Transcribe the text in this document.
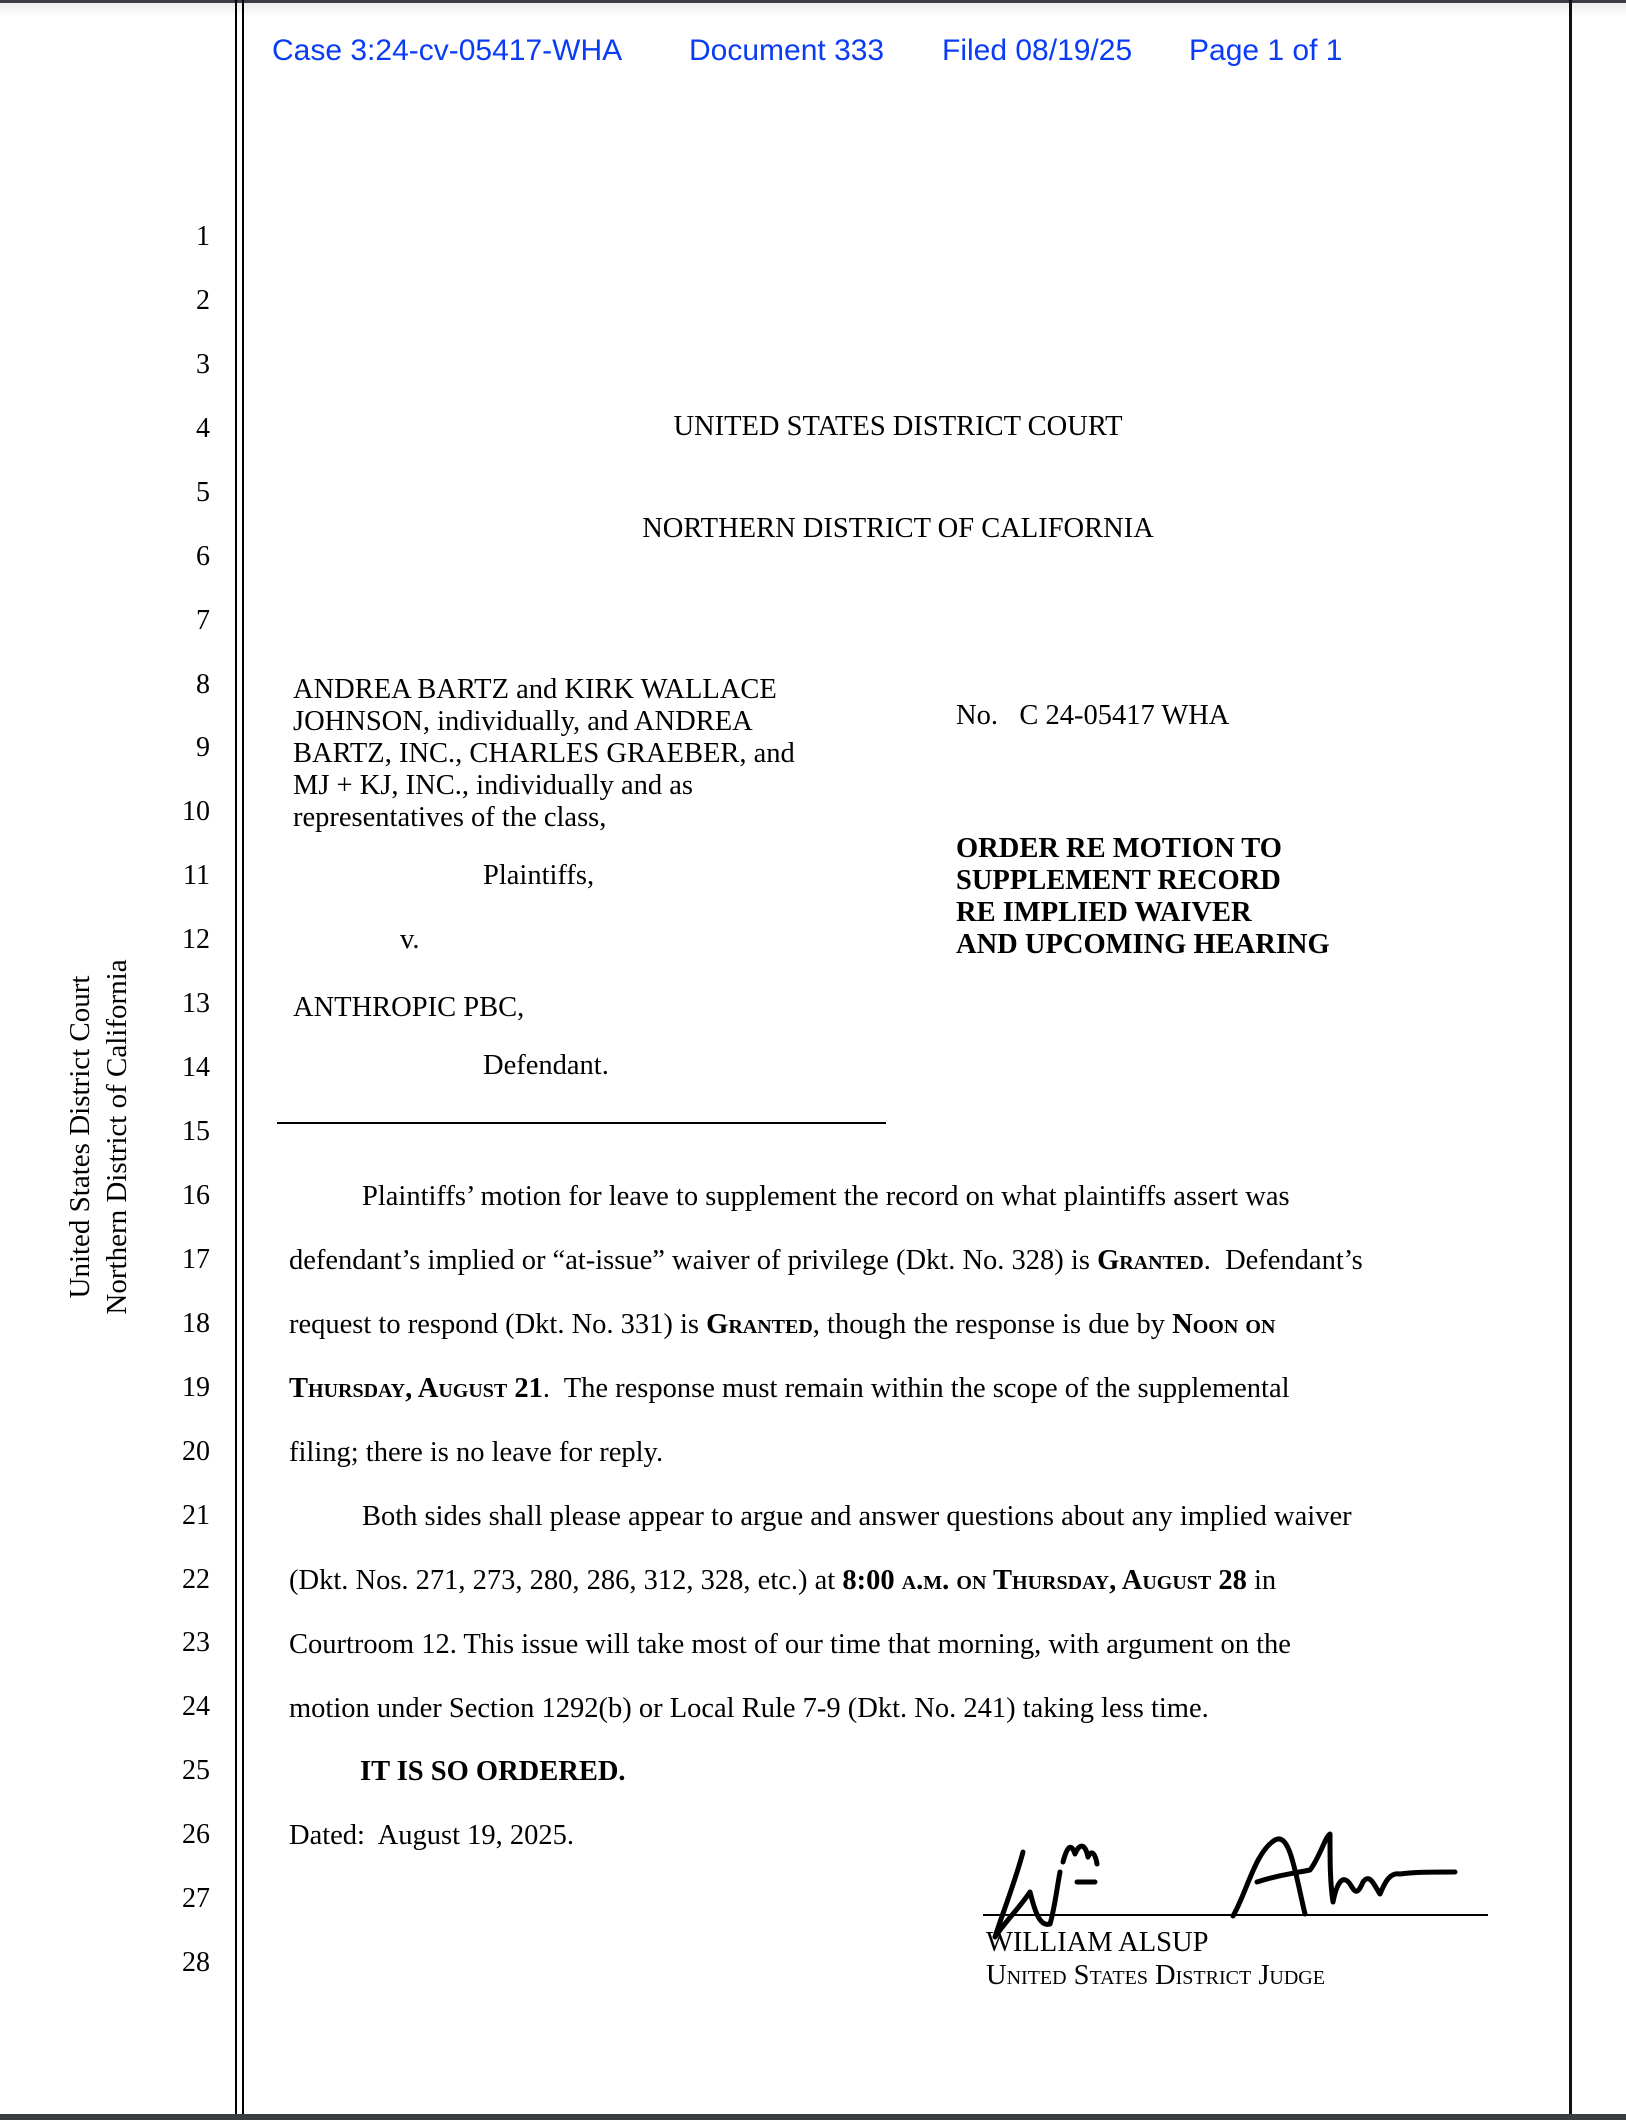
Case 3:24-cv-05417-WHA Document 333 Filed 08/19/25 Page 1 of 1
United States District Court Northern District of California
1
2
3
4
5
6
7
8
9
10
11
12
13
14
15
16
17
18
19
20
21
22
23
24
25
26
27
28
UNITED STATES DISTRICT COURT
NORTHERN DISTRICT OF CALIFORNIA
ANDREA BARTZ and KIRK WALLACE
JOHNSON, individually, and ANDREA
BARTZ, INC., CHARLES GRAEBER, and
MJ + KJ, INC., individually and as
representatives of the class,
Plaintiffs,
v.
ANTHROPIC PBC,
Defendant.
No.   C 24-05417 WHA
ORDER RE MOTION TO
SUPPLEMENT RECORD
RE IMPLIED WAIVER
AND UPCOMING HEARING
Plaintiffs’ motion for leave to supplement the record on what plaintiffs assert was
defendant’s implied or “at-issue” waiver of privilege (Dkt. No. 328) is Granted.  Defendant’s
request to respond (Dkt. No. 331) is Granted, though the response is due by Noon on
Thursday, August 21.  The response must remain within the scope of the supplemental
filing; there is no leave for reply.
Both sides shall please appear to argue and answer questions about any implied waiver
(Dkt. Nos. 271, 273, 280, 286, 312, 328, etc.) at 8:00 a.m. on Thursday, August 28 in
Courtroom 12. This issue will take most of our time that morning, with argument on the
motion under Section 1292(b) or Local Rule 7-9 (Dkt. No. 241) taking less time.
IT IS SO ORDERED.
Dated:  August 19, 2025.
WILLIAM ALSUP
United States District Judge
